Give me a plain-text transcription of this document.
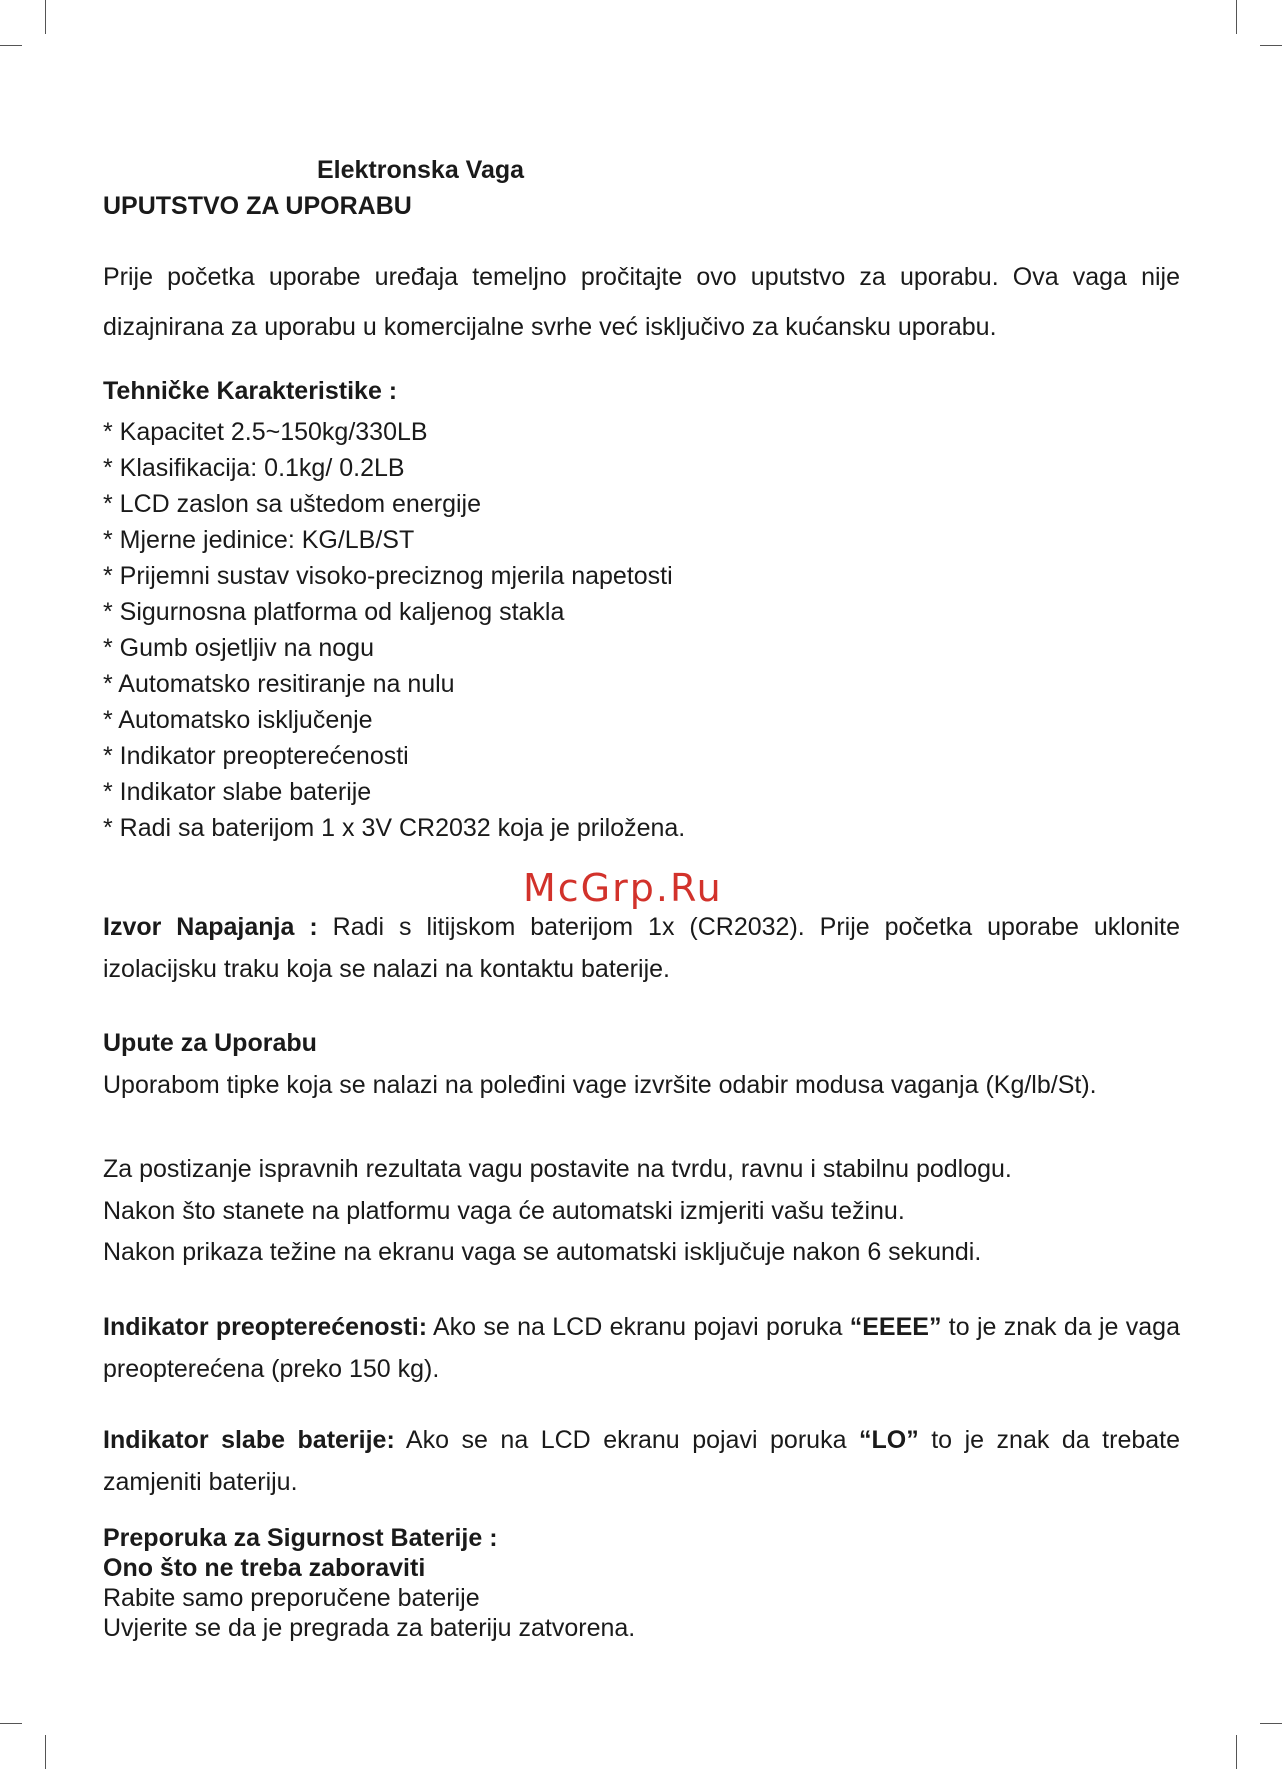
Elektronska Vaga
UPUTSTVO ZA UPORABU
Prije početka uporabe uređaja temeljno pročitajte ovo uputstvo za uporabu. Ova vaga nije dizajnirana za uporabu u komercijalne svrhe već isključivo za kućansku uporabu.
Tehničke Karakteristike :
* Kapacitet 2.5~150kg/330LB
* Klasifikacija: 0.1kg/ 0.2LB
* LCD zaslon sa uštedom energije
* Mjerne jedinice: KG/LB/ST
* Prijemni sustav visoko-preciznog mjerila napetosti
* Sigurnosna platforma od kaljenog stakla
* Gumb osjetljiv na nogu
* Automatsko resitiranje na nulu
* Automatsko isključenje
* Indikator preopterećenosti
* Indikator slabe baterije
* Radi sa baterijom 1 x 3V CR2032 koja je priložena.
McGrp.Ru
Izvor Napajanja : Radi s litijskom baterijom 1x (CR2032). Prije početka uporabe uklonite izolacijsku traku koja se nalazi na kontaktu baterije.
Upute za Uporabu
Uporabom tipke koja se nalazi na poleđini vage izvršite odabir modusa vaganja (Kg/lb/St).
Za postizanje ispravnih rezultata vagu postavite na tvrdu, ravnu i stabilnu podlogu.
Nakon što stanete na platformu vaga će automatski izmjeriti vašu težinu.
Nakon prikaza težine na ekranu vaga se automatski isključuje nakon 6 sekundi.
Indikator preopterećenosti: Ako se na LCD ekranu pojavi poruka “EEEE” to je znak da je vaga preopterećena (preko 150 kg).
Indikator slabe baterije: Ako se na LCD ekranu pojavi poruka “LO” to je znak da trebate zamjeniti bateriju.
Preporuka za Sigurnost Baterije :
Ono što ne treba zaboraviti
Rabite samo preporučene baterije
Uvjerite se da je pregrada za bateriju zatvorena.
